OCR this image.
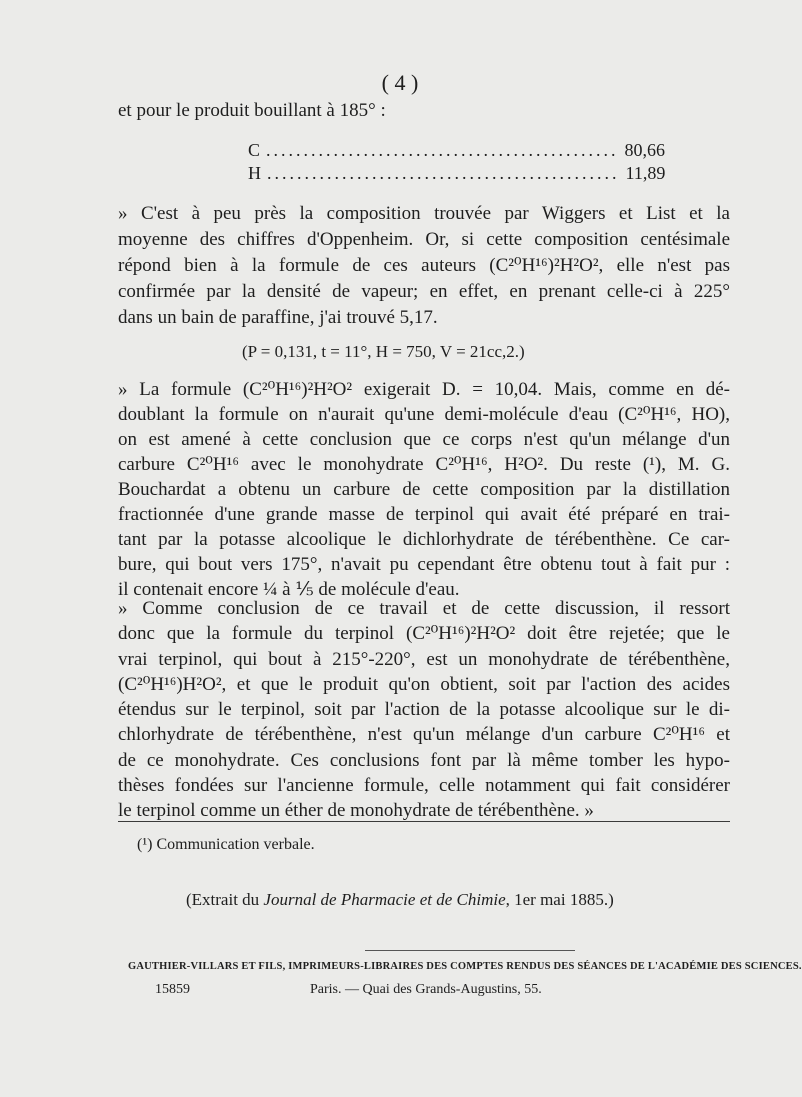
( 4 )

et pour le produit bouillant à 185° :

C ............................................... 80,66
H ............................................... 11,89
» C'est à peu près la composition trouvée par Wiggers et List et la
moyenne des chiffres d'Oppenheim. Or, si cette composition centésimale
répond bien à la formule de ces auteurs (C²⁰H¹⁶)²H²O², elle n'est pas
confirmée par la densité de vapeur; en effet, en prenant celle-ci à 225°
dans un bain de paraffine, j'ai trouvé 5,17.
(P = 0,131, t = 11°, H = 750, V = 21cc,2.)
» La formule (C²⁰H¹⁶)²H²O² exigerait D. = 10,04. Mais, comme en dé-
doublant la formule on n'aurait qu'une demi-molécule d'eau (C²⁰H¹⁶, HO),
on est amené à cette conclusion que ce corps n'est qu'un mélange d'un
carbure C²⁰H¹⁶ avec le monohydrate C²⁰H¹⁶, H²O². Du reste (¹), M. G.
Bouchardat a obtenu un carbure de cette composition par la distillation
fractionnée d'une grande masse de terpinol qui avait été préparé en trai-
tant par la potasse alcoolique le dichlorhydrate de térébenthène. Ce car-
bure, qui bout vers 175°, n'avait pu cependant être obtenu tout à fait pur :
il contenait encore ¼ à ⅕ de molécule d'eau.
» Comme conclusion de ce travail et de cette discussion, il ressort
donc que la formule du terpinol (C²⁰H¹⁶)²H²O² doit être rejetée; que le
vrai terpinol, qui bout à 215°-220°, est un monohydrate de térébenthène,
(C²⁰H¹⁶)H²O², et que le produit qu'on obtient, soit par l'action des acides
étendus sur le terpinol, soit par l'action de la potasse alcoolique sur le di-
chlorhydrate de térébenthène, n'est qu'un mélange d'un carbure C²⁰H¹⁶ et
de ce monohydrate. Ces conclusions font par là même tomber les hypo-
thèses fondées sur l'ancienne formule, celle notamment qui fait considérer
le terpinol comme un éther de monohydrate de térébenthène. »
(¹) Communication verbale.
(Extrait du Journal de Pharmacie et de Chimie, 1er mai 1885.)
GAUTHIER-VILLARS ET FILS, IMPRIMEURS-LIBRAIRES DES COMPTES RENDUS DES SÉANCES DE L'ACADÉMIE DES SCIENCES.
15859	Paris. — Quai des Grands-Augustins, 55.
